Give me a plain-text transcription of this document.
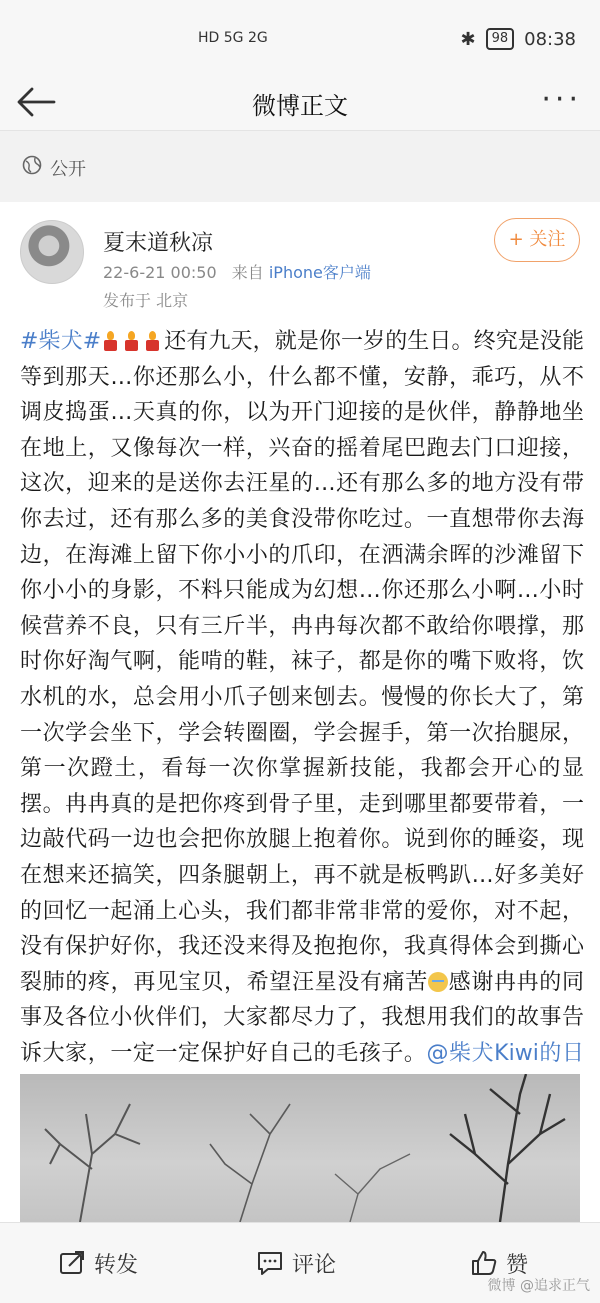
HD 5G 2G	✱	98 08:38
微博正文	···
公开
夏末道秋凉
22-6-21 00:50 来自 iPhone客户端
发布于 北京
+ 关注
#柴犬#	还有九天，就是你一岁的生日。终究是没能等到那天…你还那么小，什么都不懂，安静，乖巧，从不调皮捣蛋…天真的你，以为开门迎接的是伙伴，静静地坐在地上，又像每次一样，兴奋的摇着尾巴跑去门口迎接，这次，迎来的是送你去汪星的…还有那么多的地方没有带你去过，还有那么多的美食没带你吃过。一直想带你去海边，在海滩上留下你小小的爪印，在洒满余晖的沙滩留下你小小的身影，不料只能成为幻想…你还那么小啊…小时候营养不良，只有三斤半，冉冉每次都不敢给你喂撑，那时你好淘气啊，能啃的鞋，袜子，都是你的嘴下败将，饮水机的水，总会用小爪子刨来刨去。慢慢的你长大了，第一次学会坐下，学会转圈圈，学会握手，第一次抬腿尿，第一次蹬土，看每一次你掌握新技能，我都会开心的显摆。冉冉真的是把你疼到骨子里，走到哪里都要带着，一边敲代码一边也会把你放腿上抱着你。说到你的睡姿，现在想来还搞笑，四条腿朝上，再不就是板鸭趴…好多美好的回忆一起涌上心头，我们都非常非常的爱你，对不起，没有保护好你，我还没来得及抱抱你，我真得体会到撕心裂肺的疼，再见宝贝，希望汪星没有痛苦 感谢冉冉的同事及各位小伙伴们，大家都尽力了，我想用我们的故事告诉大家，一定一定保护好自己的毛孩子。@柴犬Kiwi的日
转发	评论	赞
微博 @追求正气
